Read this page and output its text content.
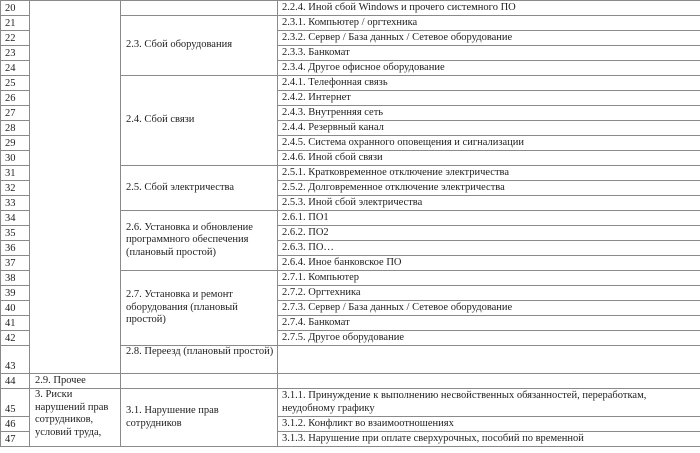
20			2.2.4. Иной сбой Windows и прочего системного ПО
21		2.3. Сбой оборудования	2.3.1. Компьютер / оргтехника
22			2.3.2. Сервер / База данных / Сетевое оборудование
23			2.3.3. Банкомат
24			2.3.4. Другое офисное оборудование
25		2.4. Сбой связи	2.4.1. Телефонная связь
26			2.4.2. Интернет
27			2.4.3. Внутренняя сеть
28			2.4.4. Резервный канал
29			2.4.5. Система охранного оповещения и сигнализации
30			2.4.6. Иной сбой связи
31		2.5. Сбой электричества	2.5.1. Кратковременное отключение электричества
32			2.5.2. Долговременное отключение электричества
33			2.5.3. Иной сбой электричества
34		2.6. Установка и обновление программного обеспечения (плановый простой)	2.6.1. ПО1
35			2.6.2. ПО2
36			2.6.3. ПО…
37			2.6.4. Иное банковское ПО
38		2.7. Установка и ремонт оборудования (плановый простой)	2.7.1. Компьютер
39			2.7.2. Оргтехника
40			2.7.3. Сервер / База данных / Сетевое оборудование
41			2.7.4. Банкомат
42			2.7.5. Другое оборудование
43		2.8. Переезд (плановый простой)	
44	2.9. Прочее		
45	3. Риски нарушений прав сотрудников, условий труда,	3.1. Нарушение прав сотрудников	3.1.1. Принуждение к выполнению несвойственных обязанностей, переработкам, неудобному графику
46			3.1.2. Конфликт во взаимоотношениях
47			3.1.3. Нарушение при оплате сверхурочных, пособий по временной
